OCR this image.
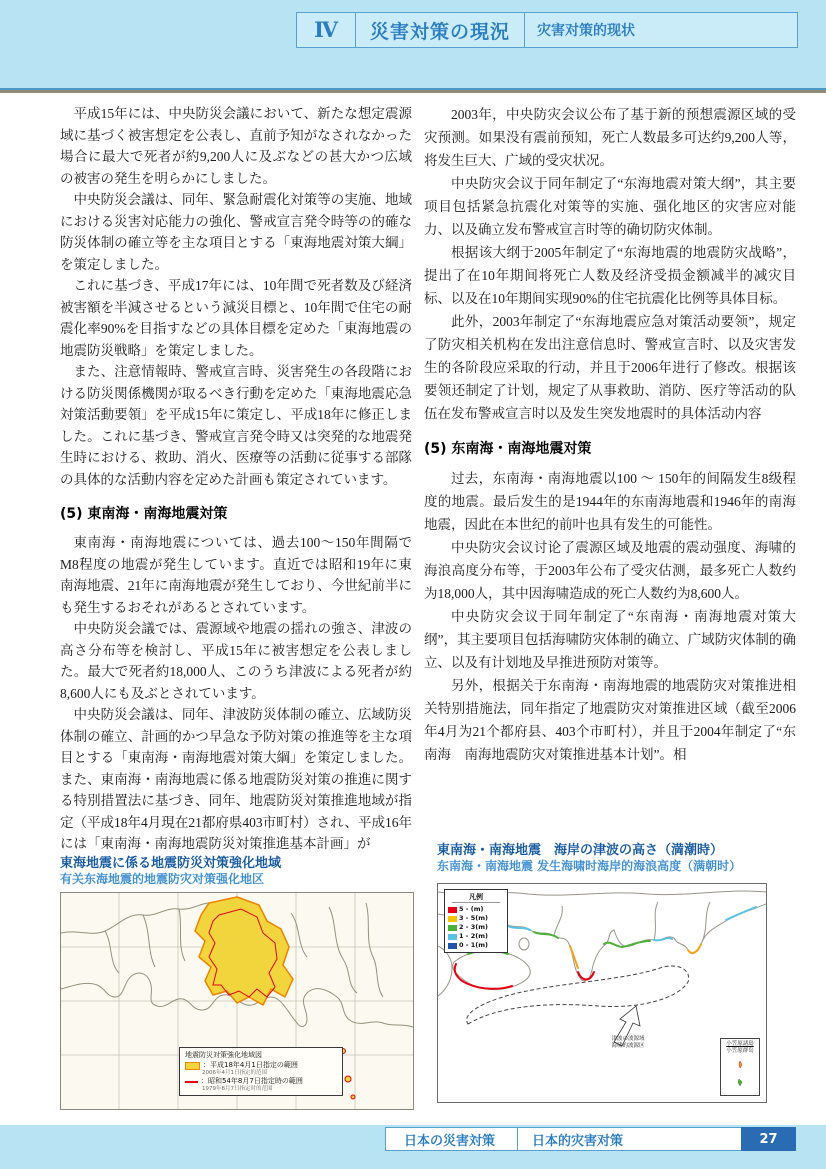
Ⅳ	災害対策の現況	灾害对策的现状

平成15年には、中央防災会議において、新たな想定震源域に基づく被害想定を公表し、直前予知がなされなかった場合に最大で死者が約9,200人に及ぶなどの甚大かつ広域の被害の発生を明らかにしました。

中央防災会議は、同年、緊急耐震化対策等の実施、地域における災害対応能力の強化、警戒宣言発令時等の的確な防災体制の確立等を主な項目とする「東海地震対策大綱」を策定しました。

これに基づき、平成17年には、10年間で死者数及び経済被害額を半減させるという減災目標と、10年間で住宅の耐震化率90%を目指すなどの具体目標を定めた「東海地震の地震防災戦略」を策定しました。

また、注意情報時、警戒宣言時、災害発生の各段階における防災関係機関が取るべき行動を定めた「東海地震応急対策活動要領」を平成15年に策定し、平成18年に修正しました。これに基づき、警戒宣言発令時又は突発的な地震発生時における、救助、消火、医療等の活動に従事する部隊の具体的な活動内容を定めた計画も策定されています。

(5) 東南海・南海地震対策

東南海・南海地震については、過去100～150年間隔でM8程度の地震が発生しています。直近では昭和19年に東南海地震、21年に南海地震が発生しており、今世紀前半にも発生するおそれがあるとされています。

中央防災会議では、震源域や地震の揺れの強さ、津波の高さ分布等を検討し、平成15年に被害想定を公表しました。最大で死者約18,000人、このうち津波による死者が約8,600人にも及ぶとされています。

中央防災会議は、同年、津波防災体制の確立、広域防災体制の確立、計画的かつ早急な予防対策の推進等を主な項目とする「東南海・南海地震対策大綱」を策定しました。また、東南海・南海地震に係る地震防災対策の推進に関する特別措置法に基づき、同年、地震防災対策推進地域が指定（平成18年4月現在21都府県403市町村）され、平成16年には「東南海・南海地震防災対策推進基本計画」が

2003年，中央防灾会议公布了基于新的预想震源区域的受灾预测。如果没有震前预知，死亡人数最多可达约9,200人等，将发生巨大、广域的受灾状况。

中央防灾会议于同年制定了“东海地震对策大纲”，其主要项目包括紧急抗震化对策等的实施、强化地区的灾害应对能力、以及确立发布警戒宣言时等的确切防灾体制。

根据该大纲于2005年制定了“东海地震的地震防灾战略”，提出了在10年期间将死亡人数及经济受损金额减半的减灾目标、以及在10年期间实现90%的住宅抗震化比例等具体目标。

此外，2003年制定了“东海地震应急对策活动要领”，规定了防灾相关机构在发出注意信息时、警戒宣言时、以及灾害发生的各阶段应采取的行动，并且于2006年进行了修改。根据该要领还制定了计划，规定了从事救助、消防、医疗等活动的队伍在发布警戒宣言时以及发生突发地震时的具体活动内容

(5) 东南海・南海地震对策

过去，东南海・南海地震以100 ～ 150年的间隔发生8级程度的地震。最后发生的是1944年的东南海地震和1946年的南海地震，因此在本世纪的前叶也具有发生的可能性。

中央防灾会议讨论了震源区域及地震的震动强度、海啸的海浪高度分布等，于2003年公布了受灾估测，最多死亡人数约为18,000人，其中因海啸造成的死亡人数约为8,600人。

中央防灾会议于同年制定了“东南海・南海地震对策大纲”，其主要项目包括海啸防灾体制的确立、广域防灾体制的确立、以及有计划地及早推进预防对策等。

另外，根据关于东南海・南海地震的地震防灾对策推进相关特别措施法，同年指定了地震防灾对策推进区域（截至2006年4月为21个都府县、403个市町村），并且于2004年制定了“东南海　南海地震防灾对策推进基本计划”。相

東海地震に係る地震防災対策強化地域
有关东海地震的地震防灾对策强化地区
地震防災対策強化地域図
：平成18年4月1日指定の範囲
2006年4月1日指定的范围
：昭和54年8月7日指定時の範囲
1979年8月7日指定时的范围
東南海・南海地震　海岸の津波の高さ（満潮時）
东南海・南海地震 发生海啸时海岸的海浪高度（满朝时）
凡例
5 - (m)
3 - 5(m)
2 - 3(m)
1 - 2(m)
0 - 1(m)
津波の波源域
海啸的波源区	小笠原諸島
小笠原群岛
日本の災害対策	日本的灾害对策	27
